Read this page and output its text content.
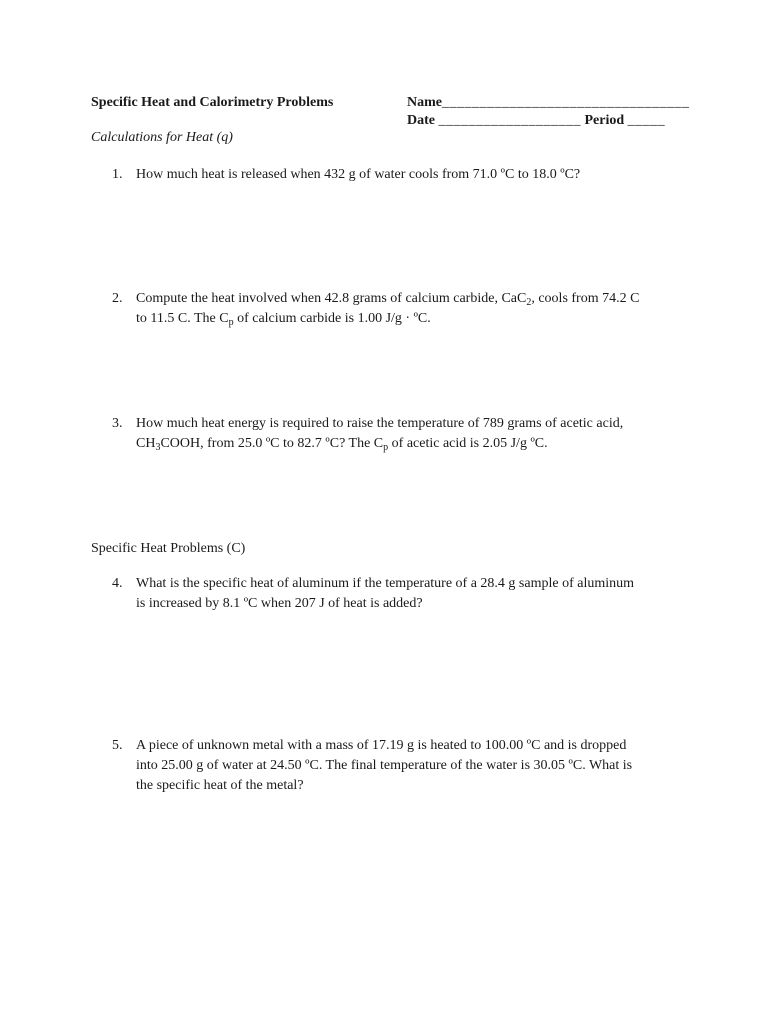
Specific Heat and Calorimetry Problems	Name_________________________________
Date ___________________ Period _____
Calculations for Heat (q)
1. How much heat is released when 432 g of water cools from 71.0 ºC to 18.0 ºC?
2. Compute the heat involved when 42.8 grams of calcium carbide, CaC$_2$, cools from 74.2 C
to 11.5 C. The $C_p$ of calcium carbide is 1.00 J/g · ºC.
3. How much heat energy is required to raise the temperature of 789 grams of acetic acid,
$CH_3COOH$, from 25.0 ºC to 82.7 ºC? The $C_p$ of acetic acid is 2.05 J/g ºC.
Specific Heat Problems (C)
4. What is the specific heat of aluminum if the temperature of a 28.4 g sample of aluminum
is increased by 8.1 ºC when 207 J of heat is added?
5. A piece of unknown metal with a mass of 17.19 g is heated to 100.00 ºC and is dropped
into 25.00 g of water at 24.50 ºC. The final temperature of the water is 30.05 ºC. What is
the specific heat of the metal?
